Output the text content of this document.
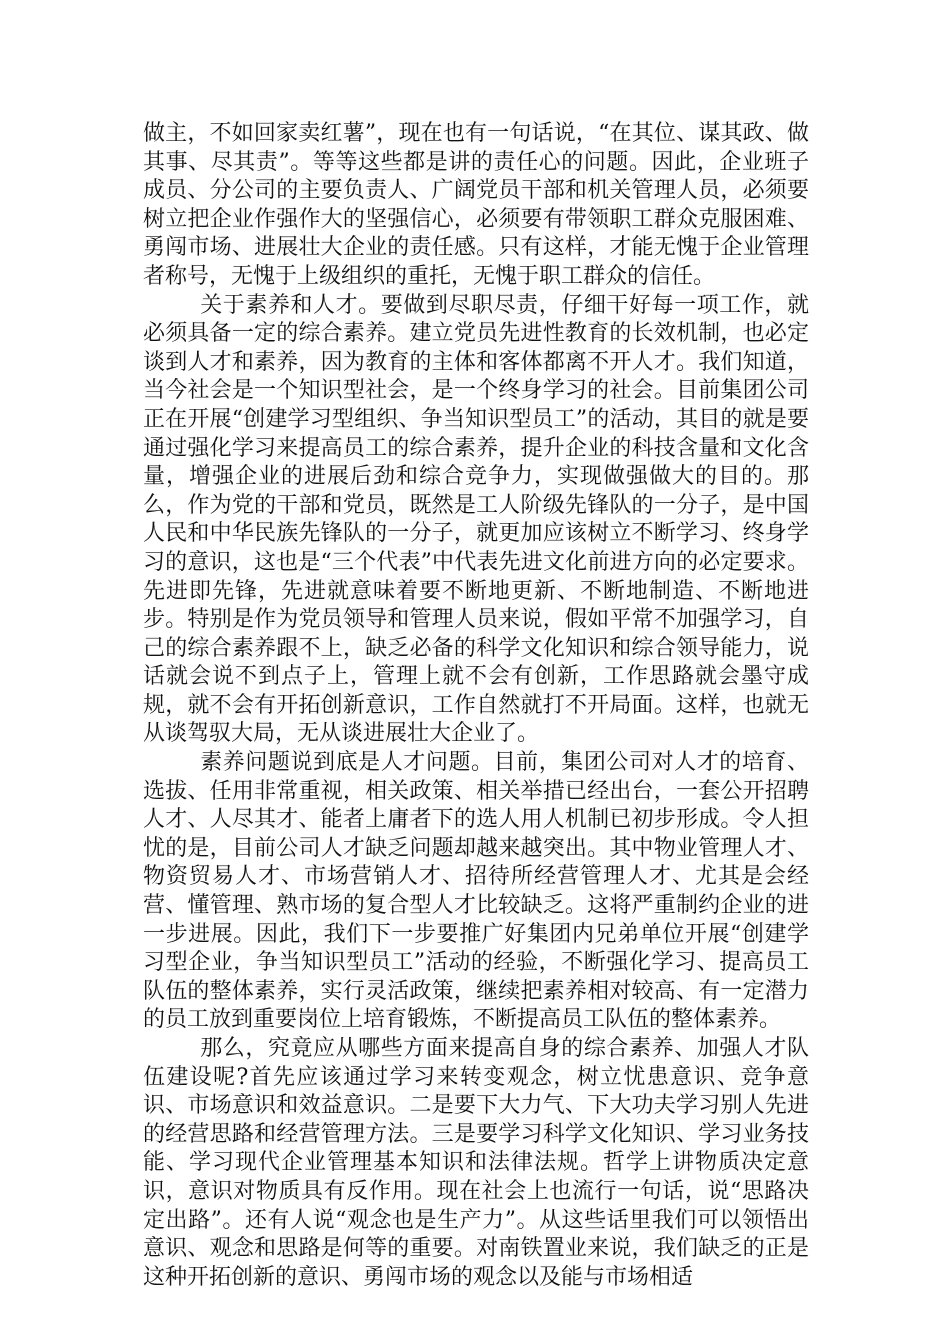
做主，不如回家卖红薯”，现在也有一句话说，“在其位、谋其政、做其事、尽其责”。等等这些都是讲的责任心的问题。因此，企业班子成员、分公司的主要负责人、广阔党员干部和机关管理人员，必须要树立把企业作强作大的坚强信心，必须要有带领职工群众克服困难、勇闯市场、进展壮大企业的责任感。只有这样，才能无愧于企业管理者称号，无愧于上级组织的重托，无愧于职工群众的信任。

关于素养和人才。要做到尽职尽责，仔细干好每一项工作，就必须具备一定的综合素养。建立党员先进性教育的长效机制，也必定谈到人才和素养，因为教育的主体和客体都离不开人才。我们知道，当今社会是一个知识型社会，是一个终身学习的社会。目前集团公司正在开展“创建学习型组织、争当知识型员工”的活动，其目的就是要通过强化学习来提高员工的综合素养，提升企业的科技含量和文化含量，增强企业的进展后劲和综合竞争力，实现做强做大的目的。那么，作为党的干部和党员，既然是工人阶级先锋队的一分子，是中国人民和中华民族先锋队的一分子，就更加应该树立不断学习、终身学习的意识，这也是“三个代表”中代表先进文化前进方向的必定要求。先进即先锋，先进就意味着要不断地更新、不断地制造、不断地进步。特别是作为党员领导和管理人员来说，假如平常不加强学习，自己的综合素养跟不上，缺乏必备的科学文化知识和综合领导能力，说话就会说不到点子上，管理上就不会有创新，工作思路就会墨守成规，就不会有开拓创新意识，工作自然就打不开局面。这样，也就无从谈驾驭大局，无从谈进展壮大企业了。

素养问题说到底是人才问题。目前，集团公司对人才的培育、选拔、任用非常重视，相关政策、相关举措已经出台，一套公开招聘人才、人尽其才、能者上庸者下的选人用人机制已初步形成。令人担忧的是，目前公司人才缺乏问题却越来越突出。其中物业管理人才、物资贸易人才、市场营销人才、招待所经营管理人才、尤其是会经营、懂管理、熟市场的复合型人才比较缺乏。这将严重制约企业的进一步进展。因此，我们下一步要推广好集团内兄弟单位开展“创建学习型企业，争当知识型员工”活动的经验，不断强化学习、提高员工队伍的整体素养，实行灵活政策，继续把素养相对较高、有一定潜力的员工放到重要岗位上培育锻炼，不断提高员工队伍的整体素养。

那么，究竟应从哪些方面来提高自身的综合素养、加强人才队伍建设呢?首先应该通过学习来转变观念，树立忧患意识、竞争意识、市场意识和效益意识。二是要下大力气、下大功夫学习别人先进的经营思路和经营管理方法。三是要学习科学文化知识、学习业务技能、学习现代企业管理基本知识和法律法规。哲学上讲物质决定意识，意识对物质具有反作用。现在社会上也流行一句话，说“思路决定出路”。还有人说“观念也是生产力”。从这些话里我们可以领悟出意识、观念和思路是何等的重要。对南铁置业来说，我们缺乏的正是这种开拓创新的意识、勇闯市场的观念以及能与市场相适
